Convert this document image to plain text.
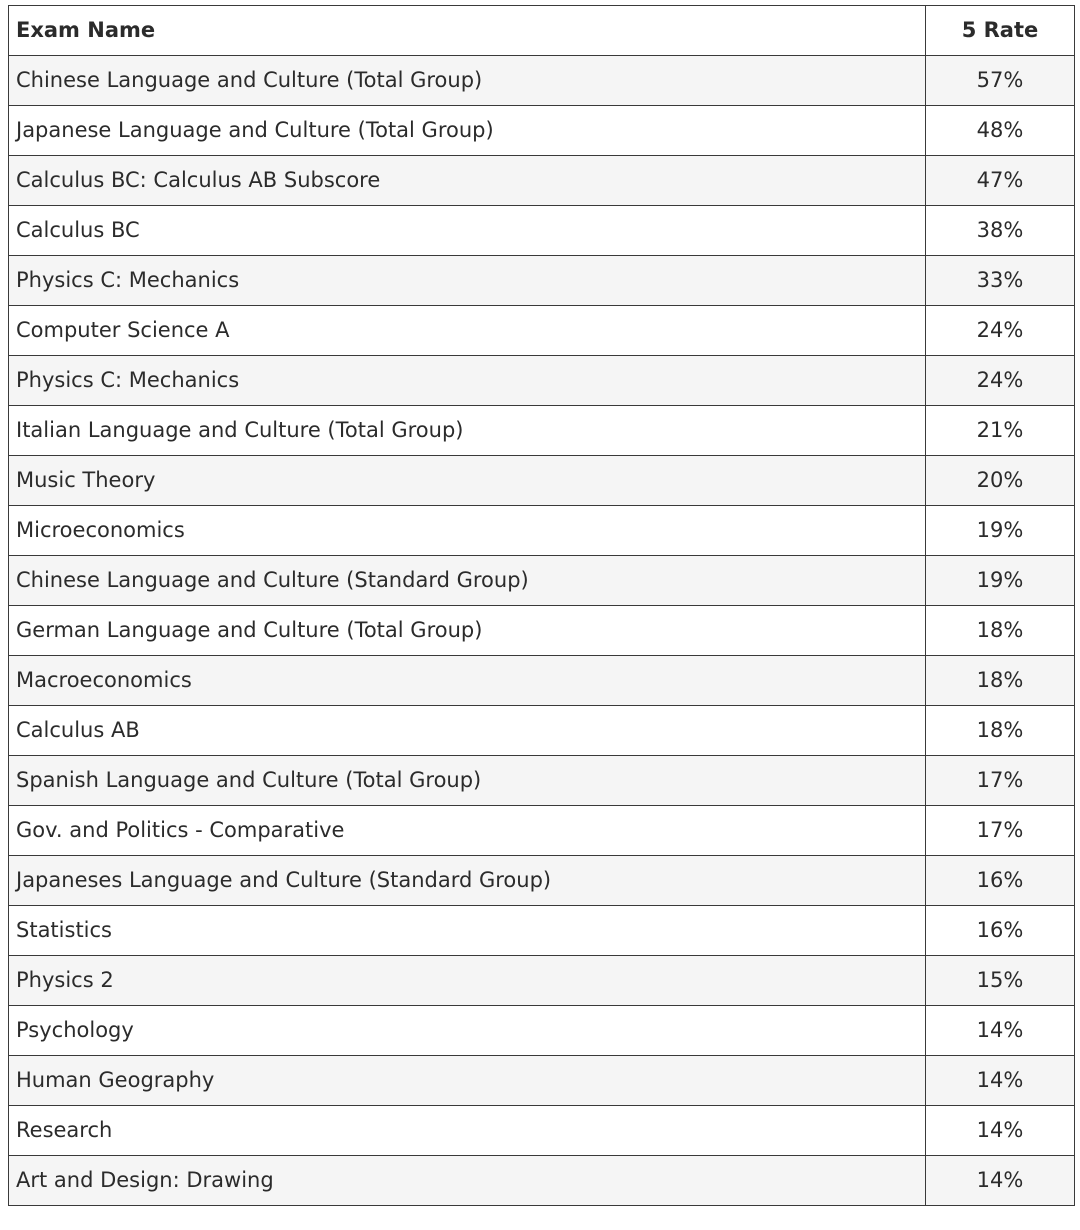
Exam Name	5 Rate
Chinese Language and Culture (Total Group)	57%
Japanese Language and Culture (Total Group)	48%
Calculus BC: Calculus AB Subscore	47%
Calculus BC	38%
Physics C: Mechanics	33%
Computer Science A	24%
Physics C: Mechanics	24%
Italian Language and Culture (Total Group)	21%
Music Theory	20%
Microeconomics	19%
Chinese Language and Culture (Standard Group)	19%
German Language and Culture (Total Group)	18%
Macroeconomics	18%
Calculus AB	18%
Spanish Language and Culture (Total Group)	17%
Gov. and Politics - Comparative	17%
Japaneses Language and Culture (Standard Group)	16%
Statistics	16%
Physics 2	15%
Psychology	14%
Human Geography	14%
Research	14%
Art and Design: Drawing	14%
